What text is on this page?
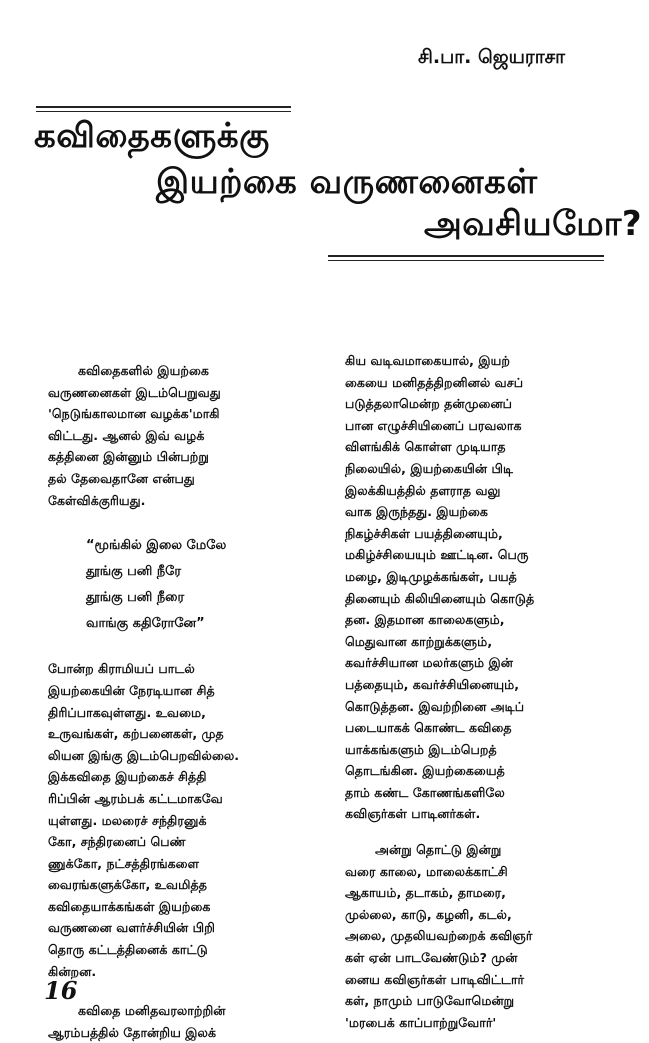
சி.பா. ஜெயராசா
கவிதைகளுக்கு
இயற்கை வருணனைகள்
அவசியமோ?

கவிதைகளில் இயற்கை

வருணனைகள் இடம்பெறுவது

'நெடுங்காலமான வழக்க'மாகி

விட்டது. ஆனல் இவ் வழக்

கத்தினை இன்னும் பின்பற்று

தல் தேவைதானே என்பது

கேள்விக்குரியது.

“மூங்கில் இலை மேலே

தூங்கு பனி நீரே

தூங்கு பனி நீரை

வாங்கு கதிரோனே”

போன்ற கிராமியப் பாடல்

இயற்கையின் நேரடியான சித்

திரிப்பாகவுள்ளது. உவமை,

உருவங்கள், கற்பனைகள், முத

லியன இங்கு இடம்பெறவில்லை.

இக்கவிதை இயற்கைச் சித்தி

ரிப்பின் ஆரம்பக் கட்டமாகவே

யுள்ளது. மலரைச் சந்திரனுக்

கோ, சந்திரனைப் பெண்

ணுக்கோ, நட்சத்திரங்களை

வைரங்களுக்கோ, உவமித்த

கவிதையாக்கங்கள் இயற்கை

வருணனை வளர்ச்சியின் பிறி

தொரு கட்டத்தினைக் காட்டு

கின்றன.

கவிதை மனிதவரலாற்றின்

ஆரம்பத்தில் தோன்றிய இலக்

கிய வடிவமாகையால், இயற்

கையை மனிதத்திறனினல் வசப்

படுத்தலாமென்ற தன்முனைப்

பான எழுச்சியினைப் பரவலாக

விளங்கிக் கொள்ள முடியாத

நிலையில், இயற்கையின் பிடி

இலக்கியத்தில் தளராத வலு

வாக இருந்தது. இயற்கை

நிகழ்ச்சிகள் பயத்தினையும்,

மகிழ்ச்சியையும் ஊட்டின. பெரு

மழை, இடிமுழக்கங்கள், பயத்

தினையும் கிலியினையும் கொடுத்

தன. இதமான காலைகளும்,

மெதுவான காற்றுக்களும்,

கவர்ச்சியான மலர்களும் இன்

பத்தையும், கவர்ச்சியினையும்,

கொடுத்தன. இவற்றினை அடிப்

படையாகக் கொண்ட கவிதை

யாக்கங்களும் இடம்பெறத்

தொடங்கின. இயற்கையைத்

தாம் கண்ட கோணங்களிலே

கவிஞர்கள் பாடினர்கள்.

அன்று தொட்டு இன்று

வரை காலை, மாலைக்காட்சி

ஆகாயம், தடாகம், தாமரை,

முல்லை, காடு, கழனி, கடல்,

அலை, முதலியவற்றைக் கவிஞர்

கள் ஏன் பாடவேண்டும்? முன்

னைய கவிஞர்கள் பாடிவிட்டார்

கள், நாமும் பாடுவோமென்று

'மரபைக் காப்பாற்றுவோர்'

16
